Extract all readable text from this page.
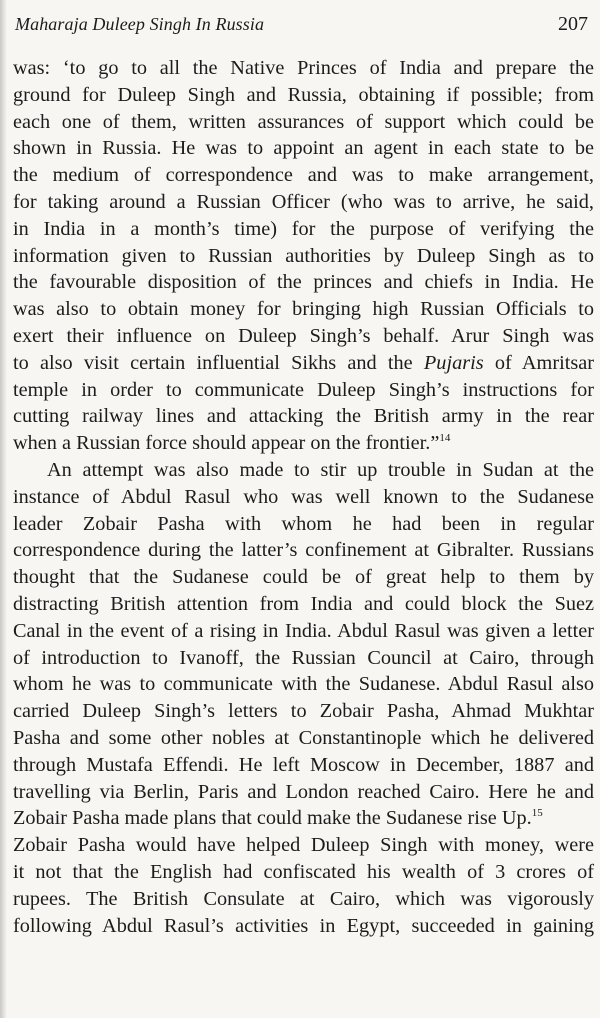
Maharaja Duleep Singh In Russia	207
was: ‘to go to all the Native Princes of India and prepare the
ground for Duleep Singh and Russia, obtaining if possible; from
each one of them, written assurances of support which could be
shown in Russia. He was to appoint an agent in each state to be
the medium of correspondence and was to make arrangement,
for taking around a Russian Officer (who was to arrive, he said,
in India in a month’s time) for the purpose of verifying the
information given to Russian authorities by Duleep Singh as to
the favourable disposition of the princes and chiefs in India. He
was also to obtain money for bringing high Russian Officials to
exert their influence on Duleep Singh’s behalf. Arur Singh was
to also visit certain influential Sikhs and the Pujaris of Amritsar
temple in order to communicate Duleep Singh’s instructions for
cutting railway lines and attacking the British army in the rear
when a Russian force should appear on the frontier.”$^{14}$
An attempt was also made to stir up trouble in Sudan at the
instance of Abdul Rasul who was well known to the Sudanese
leader Zobair Pasha with whom he had been in regular
correspondence during the latter’s confinement at Gibralter. Russians
thought that the Sudanese could be of great help to them by
distracting British attention from India and could block the Suez
Canal in the event of a rising in India. Abdul Rasul was given a letter
of introduction to Ivanoff, the Russian Council at Cairo, through
whom he was to communicate with the Sudanese. Abdul Rasul also
carried Duleep Singh’s letters to Zobair Pasha, Ahmad Mukhtar
Pasha and some other nobles at Constantinople which he delivered
through Mustafa Effendi. He left Moscow in December, 1887 and
travelling via Berlin, Paris and London reached Cairo. Here he and
Zobair Pasha made plans that could make the Sudanese rise Up.$^{15}$
Zobair Pasha would have helped Duleep Singh with money, were
it not that the English had confiscated his wealth of 3 crores of
rupees. The British Consulate at Cairo, which was vigorously
following Abdul Rasul’s activities in Egypt, succeeded in gaining
